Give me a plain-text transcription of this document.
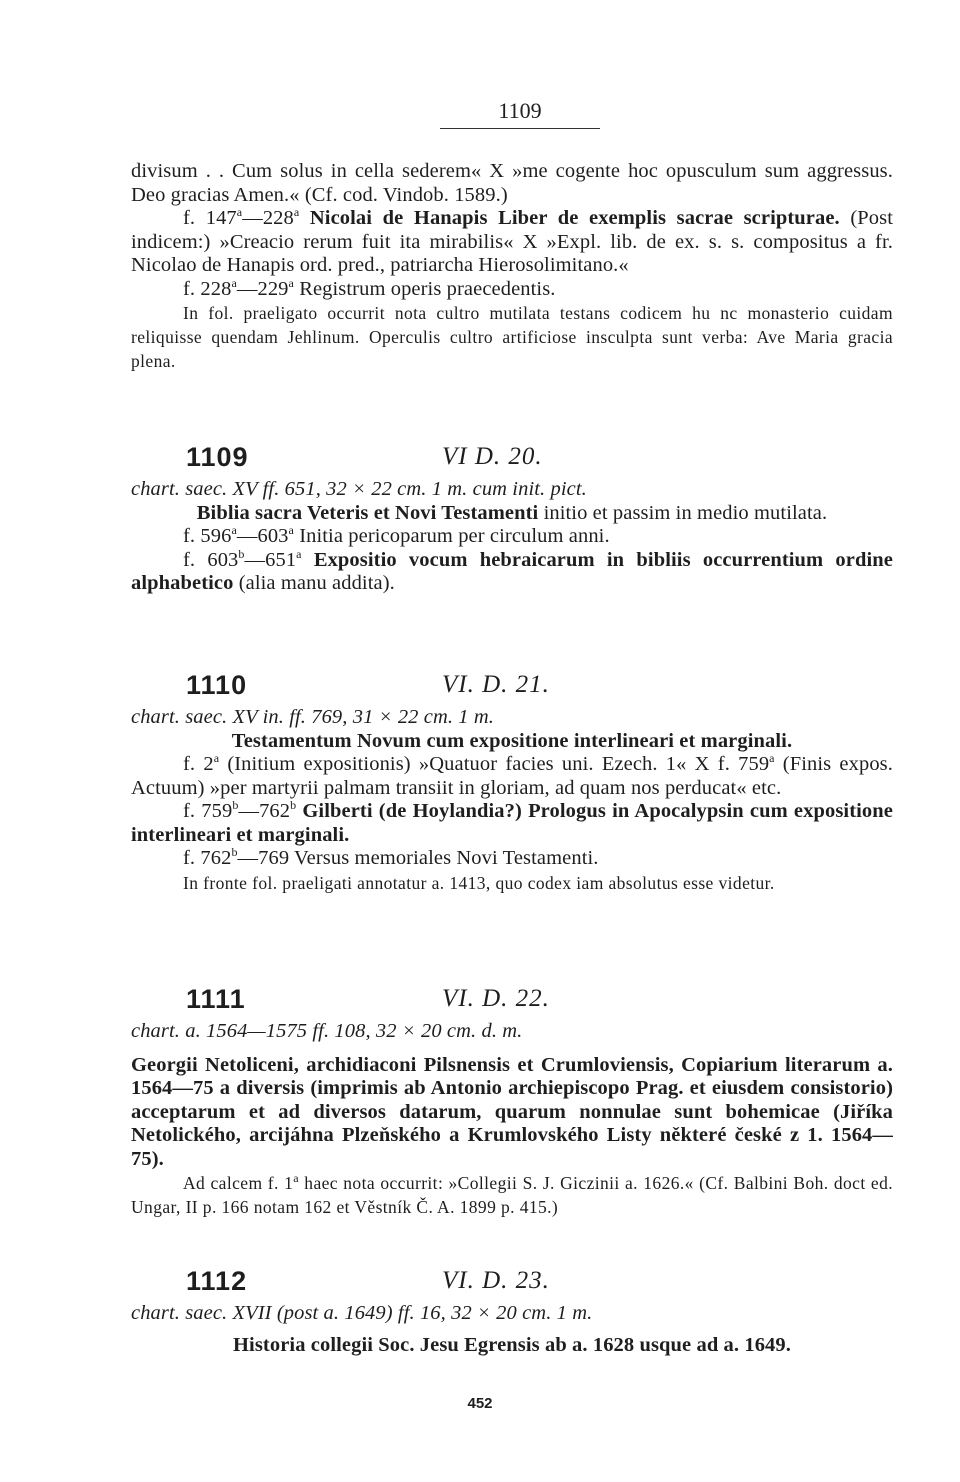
1109

divisum . . Cum solus in cella sederem« X »me cogente hoc opusculum sum aggressus. Deo gracias Amen.« (Cf. cod. Vindob. 1589.)

f. 147$^a$—228$^a$ Nicolai de Hanapis Liber de exemplis sacrae scripturae. (Post indicem:) »Creacio rerum fuit ita mirabilis« X »Expl. lib. de ex. s. s. compositus a fr. Nicolao de Hanapis ord. pred., patriarcha Hierosolimitano.«

f. 228$^a$—229$^a$ Registrum operis praecedentis.

In fol. praeligato occurrit nota cultro mutilata testans codicem hu nc monasterio cuidam reliquisse quendam Jehlinum. Operculis cultro artificiose insculpta sunt verba: Ave Maria gracia plena.

1109	VI D. 20.

chart. saec. XV ff. 651, 32 × 22 cm. 1 m. cum init. pict.

Biblia sacra Veteris et Novi Testamenti initio et passim in medio mutilata.

f. 596$^a$—603$^a$ Initia pericoparum per circulum anni.

f. 603$^b$—651$^a$ Expositio vocum hebraicarum in bibliis occurrentium ordine alphabetico (alia manu addita).

1110	VI. D. 21.

chart. saec. XV in. ff. 769, 31 × 22 cm. 1 m.

Testamentum Novum cum expositione interlineari et marginali.

f. 2$^a$ (Initium expositionis) »Quatuor facies uni. Ezech. 1« X f. 759$^a$ (Finis expos. Actuum) »per martyrii palmam transiit in gloriam, ad quam nos perducat« etc.

f. 759$^b$—762$^b$ Gilberti (de Hoylandia?) Prologus in Apocalypsin cum expositione interlineari et marginali.

f. 762$^b$—769 Versus memoriales Novi Testamenti.

In fronte fol. praeligati annotatur a. 1413, quo codex iam absolutus esse videtur.

1111	VI. D. 22.

chart. a. 1564—1575 ff. 108, 32 × 20 cm. d. m.

Georgii Netoliceni, archidiaconi Pilsnensis et Crumloviensis, Copiarium literarum a. 1564—75 a diversis (imprimis ab Antonio archiepiscopo Prag. et eiusdem consistorio) acceptarum et ad diversos datarum, quarum nonnulae sunt bohemicae (Jiříka Netolického, arcijáhna Plzeňského a Krumlovského Listy některé české z 1. 1564—75).

Ad calcem f. 1$^a$ haec nota occurrit: »Collegii S. J. Giczinii a. 1626.« (Cf. Balbini Boh. doct ed. Ungar, II p. 166 notam 162 et Věstník Č. A. 1899 p. 415.)

1112	VI. D. 23.

chart. saec. XVII (post a. 1649) ff. 16, 32 × 20 cm. 1 m.

Historia collegii Soc. Jesu Egrensis ab a. 1628 usque ad a. 1649.

452
